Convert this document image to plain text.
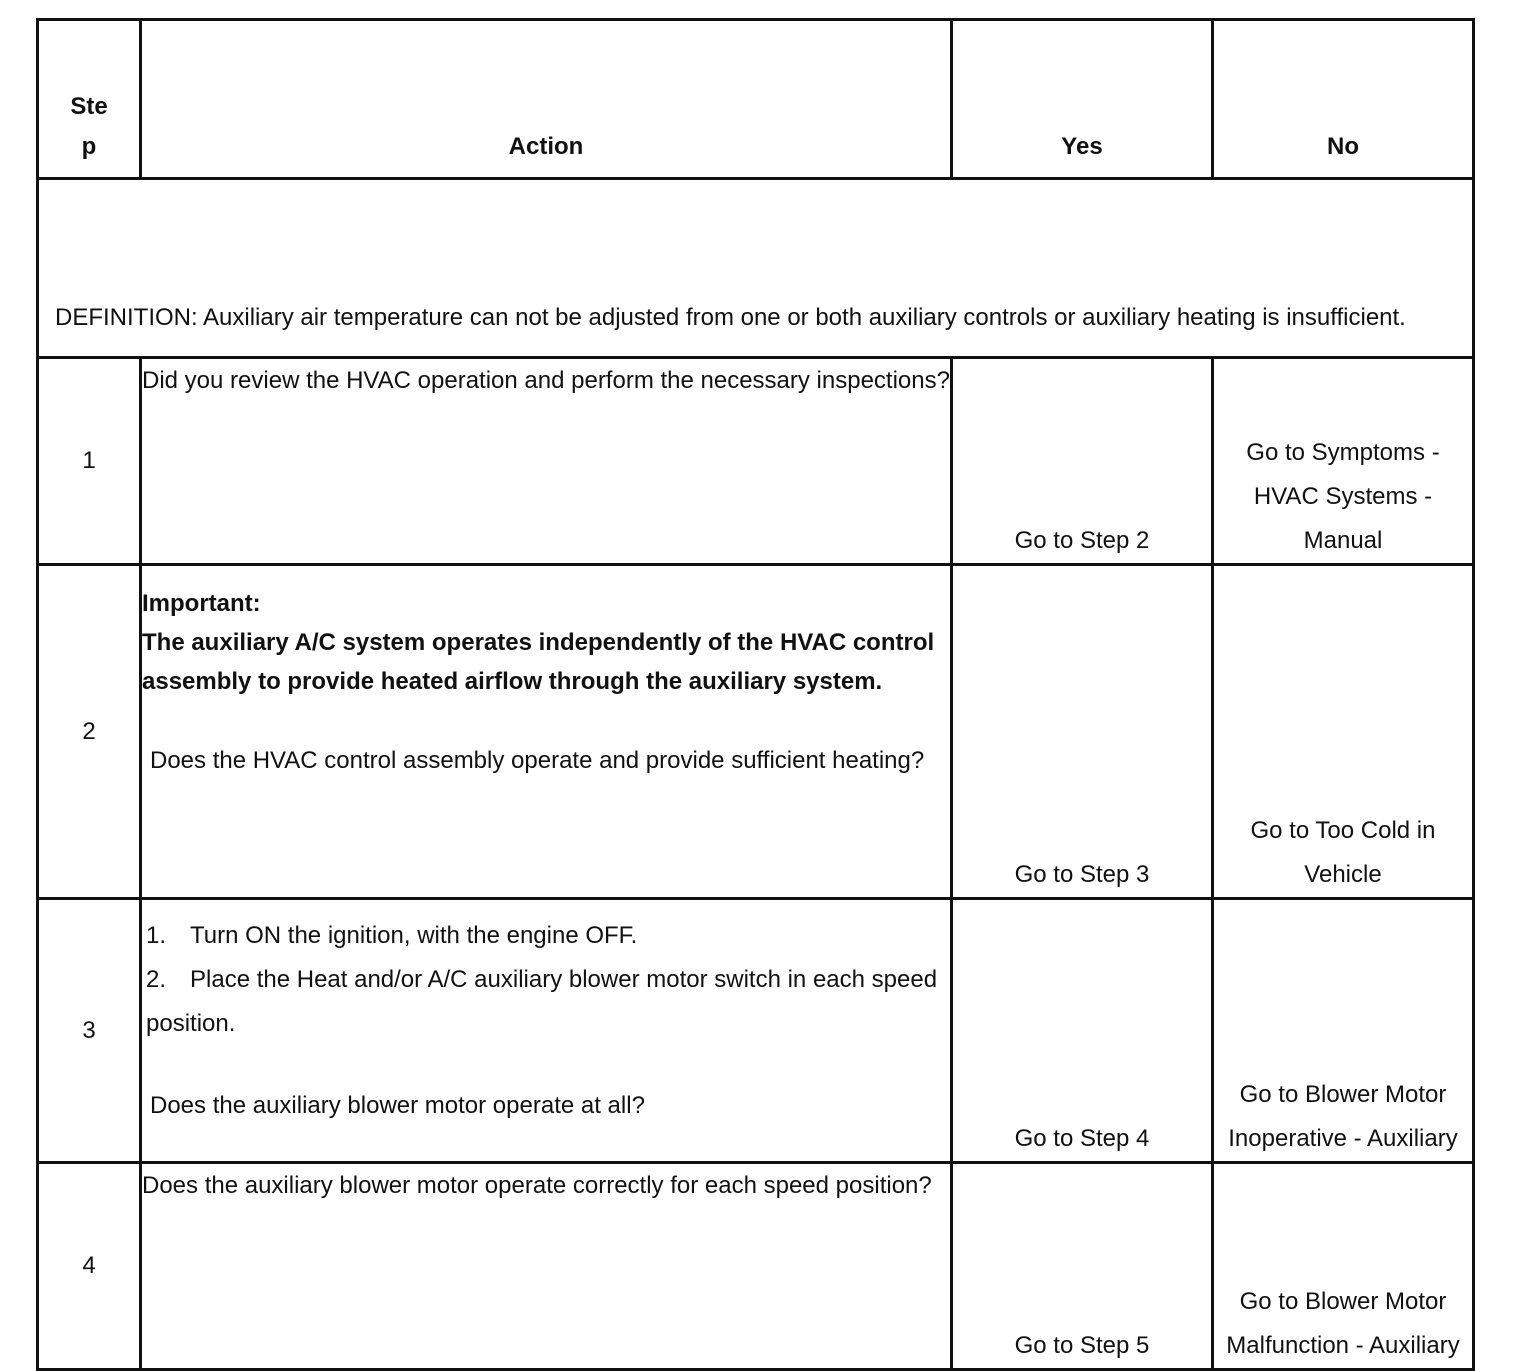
Step	Action	Yes	No
DEFINITION: Auxiliary air temperature can not be adjusted from one or both auxiliary controls or auxiliary heating is insufficient.			
1	Did you review the HVAC operation and perform the necessary inspections?	Go to Step 2	Go to Symptoms - HVAC Systems - Manual
2	Important:
The auxiliary A/C system operates independently of the HVAC control assembly to provide heated airflow through the auxiliary system.
Does the HVAC control assembly operate and provide sufficient heating?	Go to Step 3	Go to Too Cold in Vehicle
3	1. Turn ON the ignition, with the engine OFF.
2. Place the Heat and/or A/C auxiliary blower motor switch in each speed position.
Does the auxiliary blower motor operate at all?	Go to Step 4	Go to Blower Motor Inoperative - Auxiliary
4	Does the auxiliary blower motor operate correctly for each speed position?	Go to Step 5	Go to Blower Motor Malfunction - Auxiliary
